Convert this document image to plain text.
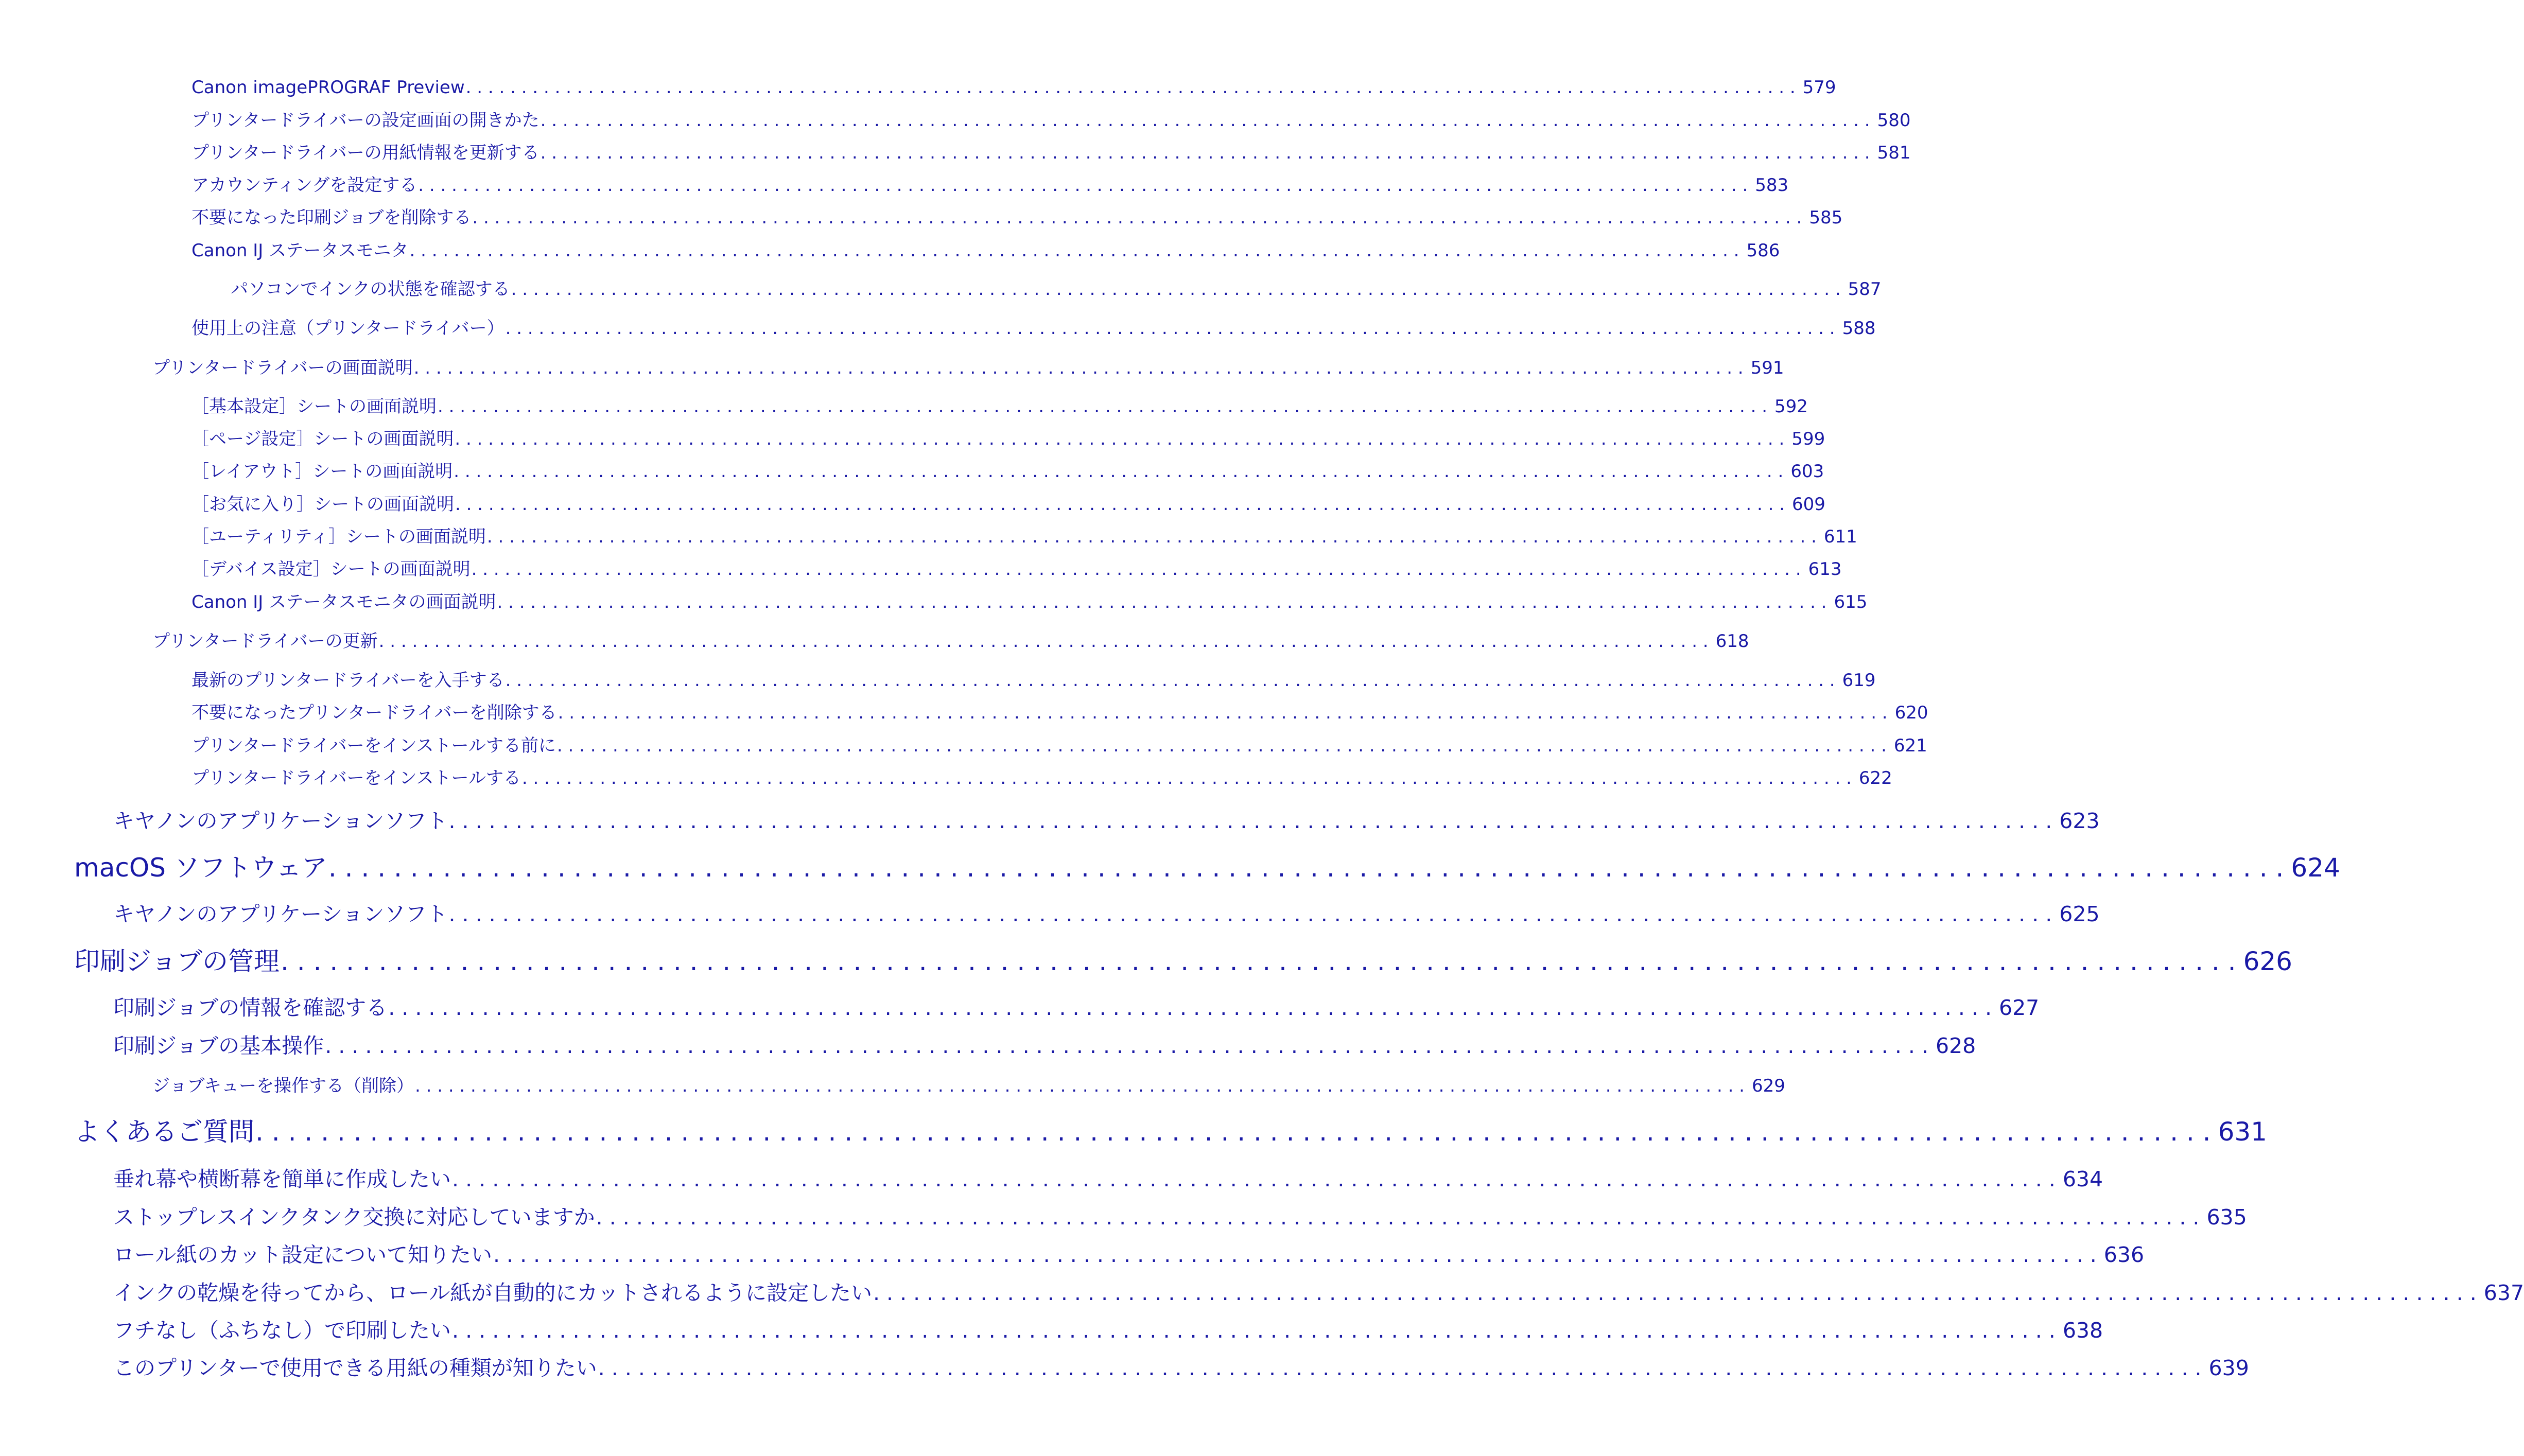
Canon imagePROGRAF Preview . . . . . . . . . . . . . . . . . . . . . . . . . . . . . . . . . . . . . . . . . . . . . . . . . . . . . . . . . . . . . . . . . . . . . . . . . . . . . . . . . . . . . . . . . . . . . . . . . . . . . . . . . . . . . . . . . . . . . . . . 579
プリンタードライバーの設定画面の開きかた . . . . . . . . . . . . . . . . . . . . . . . . . . . . . . . . . . . . . . . . . . . . . . . . . . . . . . . . . . . . . . . . . . . . . . . . . . . . . . . . . . . . . . . . . . . . . . . . . . . . . . . . . . . . . . . . . . . . . . . . 580
プリンタードライバーの用紙情報を更新する . . . . . . . . . . . . . . . . . . . . . . . . . . . . . . . . . . . . . . . . . . . . . . . . . . . . . . . . . . . . . . . . . . . . . . . . . . . . . . . . . . . . . . . . . . . . . . . . . . . . . . . . . . . . . . . . . . . . . . . . 581
アカウンティングを設定する . . . . . . . . . . . . . . . . . . . . . . . . . . . . . . . . . . . . . . . . . . . . . . . . . . . . . . . . . . . . . . . . . . . . . . . . . . . . . . . . . . . . . . . . . . . . . . . . . . . . . . . . . . . . . . . . . . . . . . . . 583
不要になった印刷ジョブを削除する . . . . . . . . . . . . . . . . . . . . . . . . . . . . . . . . . . . . . . . . . . . . . . . . . . . . . . . . . . . . . . . . . . . . . . . . . . . . . . . . . . . . . . . . . . . . . . . . . . . . . . . . . . . . . . . . . . . . . . . . 585
Canon IJ ステータスモニタ . . . . . . . . . . . . . . . . . . . . . . . . . . . . . . . . . . . . . . . . . . . . . . . . . . . . . . . . . . . . . . . . . . . . . . . . . . . . . . . . . . . . . . . . . . . . . . . . . . . . . . . . . . . . . . . . . . . . . . . . 586
パソコンでインクの状態を確認する . . . . . . . . . . . . . . . . . . . . . . . . . . . . . . . . . . . . . . . . . . . . . . . . . . . . . . . . . . . . . . . . . . . . . . . . . . . . . . . . . . . . . . . . . . . . . . . . . . . . . . . . . . . . . . . . . . . . . . . . 587
使用上の注意（プリンタードライバー） . . . . . . . . . . . . . . . . . . . . . . . . . . . . . . . . . . . . . . . . . . . . . . . . . . . . . . . . . . . . . . . . . . . . . . . . . . . . . . . . . . . . . . . . . . . . . . . . . . . . . . . . . . . . . . . . . . . . . . . . 588
プリンタードライバーの画面説明 . . . . . . . . . . . . . . . . . . . . . . . . . . . . . . . . . . . . . . . . . . . . . . . . . . . . . . . . . . . . . . . . . . . . . . . . . . . . . . . . . . . . . . . . . . . . . . . . . . . . . . . . . . . . . . . . . . . . . . . . 591
［基本設定］シートの画面説明 . . . . . . . . . . . . . . . . . . . . . . . . . . . . . . . . . . . . . . . . . . . . . . . . . . . . . . . . . . . . . . . . . . . . . . . . . . . . . . . . . . . . . . . . . . . . . . . . . . . . . . . . . . . . . . . . . . . . . . . . 592
［ページ設定］シートの画面説明 . . . . . . . . . . . . . . . . . . . . . . . . . . . . . . . . . . . . . . . . . . . . . . . . . . . . . . . . . . . . . . . . . . . . . . . . . . . . . . . . . . . . . . . . . . . . . . . . . . . . . . . . . . . . . . . . . . . . . . . . 599
［レイアウト］シートの画面説明 . . . . . . . . . . . . . . . . . . . . . . . . . . . . . . . . . . . . . . . . . . . . . . . . . . . . . . . . . . . . . . . . . . . . . . . . . . . . . . . . . . . . . . . . . . . . . . . . . . . . . . . . . . . . . . . . . . . . . . . . 603
［お気に入り］シートの画面説明 . . . . . . . . . . . . . . . . . . . . . . . . . . . . . . . . . . . . . . . . . . . . . . . . . . . . . . . . . . . . . . . . . . . . . . . . . . . . . . . . . . . . . . . . . . . . . . . . . . . . . . . . . . . . . . . . . . . . . . . . 609
［ユーティリティ］シートの画面説明 . . . . . . . . . . . . . . . . . . . . . . . . . . . . . . . . . . . . . . . . . . . . . . . . . . . . . . . . . . . . . . . . . . . . . . . . . . . . . . . . . . . . . . . . . . . . . . . . . . . . . . . . . . . . . . . . . . . . . . . . 611
［デバイス設定］シートの画面説明 . . . . . . . . . . . . . . . . . . . . . . . . . . . . . . . . . . . . . . . . . . . . . . . . . . . . . . . . . . . . . . . . . . . . . . . . . . . . . . . . . . . . . . . . . . . . . . . . . . . . . . . . . . . . . . . . . . . . . . . . 613
Canon IJ ステータスモニタの画面説明 . . . . . . . . . . . . . . . . . . . . . . . . . . . . . . . . . . . . . . . . . . . . . . . . . . . . . . . . . . . . . . . . . . . . . . . . . . . . . . . . . . . . . . . . . . . . . . . . . . . . . . . . . . . . . . . . . . . . . . . . 615
プリンタードライバーの更新 . . . . . . . . . . . . . . . . . . . . . . . . . . . . . . . . . . . . . . . . . . . . . . . . . . . . . . . . . . . . . . . . . . . . . . . . . . . . . . . . . . . . . . . . . . . . . . . . . . . . . . . . . . . . . . . . . . . . . . . . 618
最新のプリンタードライバーを入手する . . . . . . . . . . . . . . . . . . . . . . . . . . . . . . . . . . . . . . . . . . . . . . . . . . . . . . . . . . . . . . . . . . . . . . . . . . . . . . . . . . . . . . . . . . . . . . . . . . . . . . . . . . . . . . . . . . . . . . . . 619
不要になったプリンタードライバーを削除する . . . . . . . . . . . . . . . . . . . . . . . . . . . . . . . . . . . . . . . . . . . . . . . . . . . . . . . . . . . . . . . . . . . . . . . . . . . . . . . . . . . . . . . . . . . . . . . . . . . . . . . . . . . . . . . . . . . . . . . . 620
プリンタードライバーをインストールする前に . . . . . . . . . . . . . . . . . . . . . . . . . . . . . . . . . . . . . . . . . . . . . . . . . . . . . . . . . . . . . . . . . . . . . . . . . . . . . . . . . . . . . . . . . . . . . . . . . . . . . . . . . . . . . . . . . . . . . . . . 621
プリンタードライバーをインストールする . . . . . . . . . . . . . . . . . . . . . . . . . . . . . . . . . . . . . . . . . . . . . . . . . . . . . . . . . . . . . . . . . . . . . . . . . . . . . . . . . . . . . . . . . . . . . . . . . . . . . . . . . . . . . . . . . . . . . . . . 622
キヤノンのアプリケーションソフト . . . . . . . . . . . . . . . . . . . . . . . . . . . . . . . . . . . . . . . . . . . . . . . . . . . . . . . . . . . . . . . . . . . . . . . . . . . . . . . . . . . . . . . . . . . . . . . . . . . . . . . . . . . . . . . . . . . . . . . . 623
macOS ソフトウェア . . . . . . . . . . . . . . . . . . . . . . . . . . . . . . . . . . . . . . . . . . . . . . . . . . . . . . . . . . . . . . . . . . . . . . . . . . . . . . . . . . . . . . . . . . . . . . . . . . . . . . . . . . . . . . . . . . . . . . . . 624
キヤノンのアプリケーションソフト . . . . . . . . . . . . . . . . . . . . . . . . . . . . . . . . . . . . . . . . . . . . . . . . . . . . . . . . . . . . . . . . . . . . . . . . . . . . . . . . . . . . . . . . . . . . . . . . . . . . . . . . . . . . . . . . . . . . . . . . 625
印刷ジョブの管理 . . . . . . . . . . . . . . . . . . . . . . . . . . . . . . . . . . . . . . . . . . . . . . . . . . . . . . . . . . . . . . . . . . . . . . . . . . . . . . . . . . . . . . . . . . . . . . . . . . . . . . . . . . . . . . . . . . . . . . . . 626
印刷ジョブの情報を確認する . . . . . . . . . . . . . . . . . . . . . . . . . . . . . . . . . . . . . . . . . . . . . . . . . . . . . . . . . . . . . . . . . . . . . . . . . . . . . . . . . . . . . . . . . . . . . . . . . . . . . . . . . . . . . . . . . . . . . . . . 627
印刷ジョブの基本操作 . . . . . . . . . . . . . . . . . . . . . . . . . . . . . . . . . . . . . . . . . . . . . . . . . . . . . . . . . . . . . . . . . . . . . . . . . . . . . . . . . . . . . . . . . . . . . . . . . . . . . . . . . . . . . . . . . . . . . . . . 628
ジョブキューを操作する（削除） . . . . . . . . . . . . . . . . . . . . . . . . . . . . . . . . . . . . . . . . . . . . . . . . . . . . . . . . . . . . . . . . . . . . . . . . . . . . . . . . . . . . . . . . . . . . . . . . . . . . . . . . . . . . . . . . . . . . . . . . 629
よくあるご質問 . . . . . . . . . . . . . . . . . . . . . . . . . . . . . . . . . . . . . . . . . . . . . . . . . . . . . . . . . . . . . . . . . . . . . . . . . . . . . . . . . . . . . . . . . . . . . . . . . . . . . . . . . . . . . . . . . . . . . . . . 631
垂れ幕や横断幕を簡単に作成したい . . . . . . . . . . . . . . . . . . . . . . . . . . . . . . . . . . . . . . . . . . . . . . . . . . . . . . . . . . . . . . . . . . . . . . . . . . . . . . . . . . . . . . . . . . . . . . . . . . . . . . . . . . . . . . . . . . . . . . . . 634
ストップレスインクタンク交換に対応していますか . . . . . . . . . . . . . . . . . . . . . . . . . . . . . . . . . . . . . . . . . . . . . . . . . . . . . . . . . . . . . . . . . . . . . . . . . . . . . . . . . . . . . . . . . . . . . . . . . . . . . . . . . . . . . . . . . . . . . . . . 635
ロール紙のカット設定について知りたい . . . . . . . . . . . . . . . . . . . . . . . . . . . . . . . . . . . . . . . . . . . . . . . . . . . . . . . . . . . . . . . . . . . . . . . . . . . . . . . . . . . . . . . . . . . . . . . . . . . . . . . . . . . . . . . . . . . . . . . . 636
インクの乾燥を待ってから、ロール紙が自動的にカットされるように設定したい . . . . . . . . . . . . . . . . . . . . . . . . . . . . . . . . . . . . . . . . . . . . . . . . . . . . . . . . . . . . . . . . . . . . . . . . . . . . . . . . . . . . . . . . . . . . . . . . . . . . . . . . . . . . . . . . . . . . . . . . 637
フチなし（ふちなし）で印刷したい . . . . . . . . . . . . . . . . . . . . . . . . . . . . . . . . . . . . . . . . . . . . . . . . . . . . . . . . . . . . . . . . . . . . . . . . . . . . . . . . . . . . . . . . . . . . . . . . . . . . . . . . . . . . . . . . . . . . . . . . 638
このプリンターで使用できる用紙の種類が知りたい . . . . . . . . . . . . . . . . . . . . . . . . . . . . . . . . . . . . . . . . . . . . . . . . . . . . . . . . . . . . . . . . . . . . . . . . . . . . . . . . . . . . . . . . . . . . . . . . . . . . . . . . . . . . . . . . . . . . . . . . 639
